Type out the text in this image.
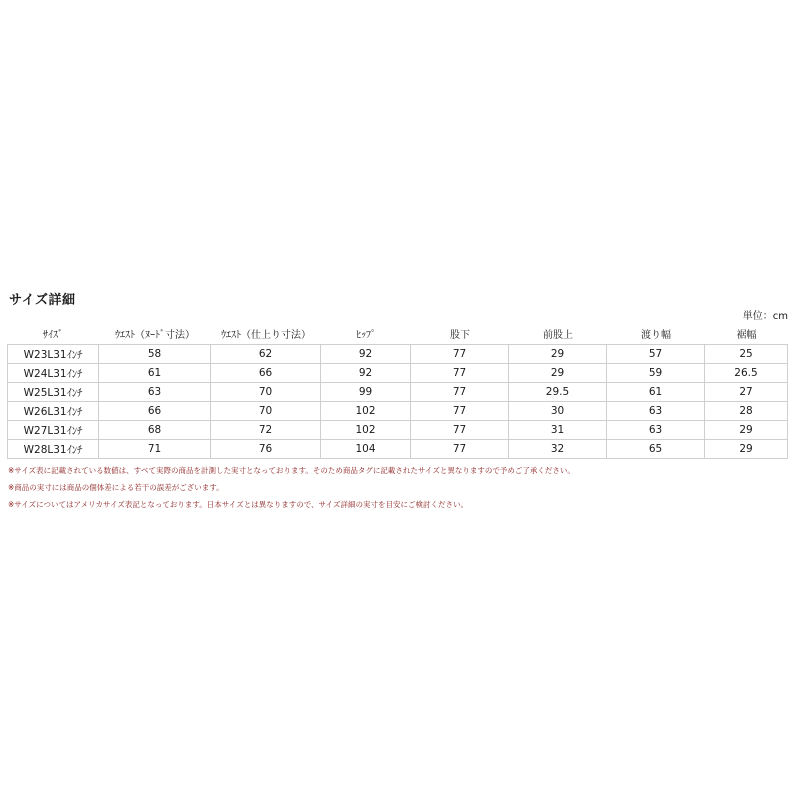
サイズ詳細
単位：cm
ｻｲｽﾞ	ｳｴｽﾄ（ﾇｰﾄﾞ寸法）	ｳｴｽﾄ（仕上り寸法）	ﾋｯﾌﾟ	股下	前股上	渡り幅	裾幅
W23L31ｲﾝﾁ	58	62	92	77	29	57	25
W24L31ｲﾝﾁ	61	66	92	77	29	59	26.5
W25L31ｲﾝﾁ	63	70	99	77	29.5	61	27
W26L31ｲﾝﾁ	66	70	102	77	30	63	28
W27L31ｲﾝﾁ	68	72	102	77	31	63	29
W28L31ｲﾝﾁ	71	76	104	77	32	65	29
※サイズ表に記載されている数値は、すべて実際の商品を計測した実寸となっております。そのため商品タグに記載されたサイズと異なりますので予めご了承ください。
※商品の実寸には商品の個体差による若干の誤差がございます。
※サイズについてはアメリカサイズ表記となっております。日本サイズとは異なりますので、サイズ詳細の実寸を目安にご検討ください。
